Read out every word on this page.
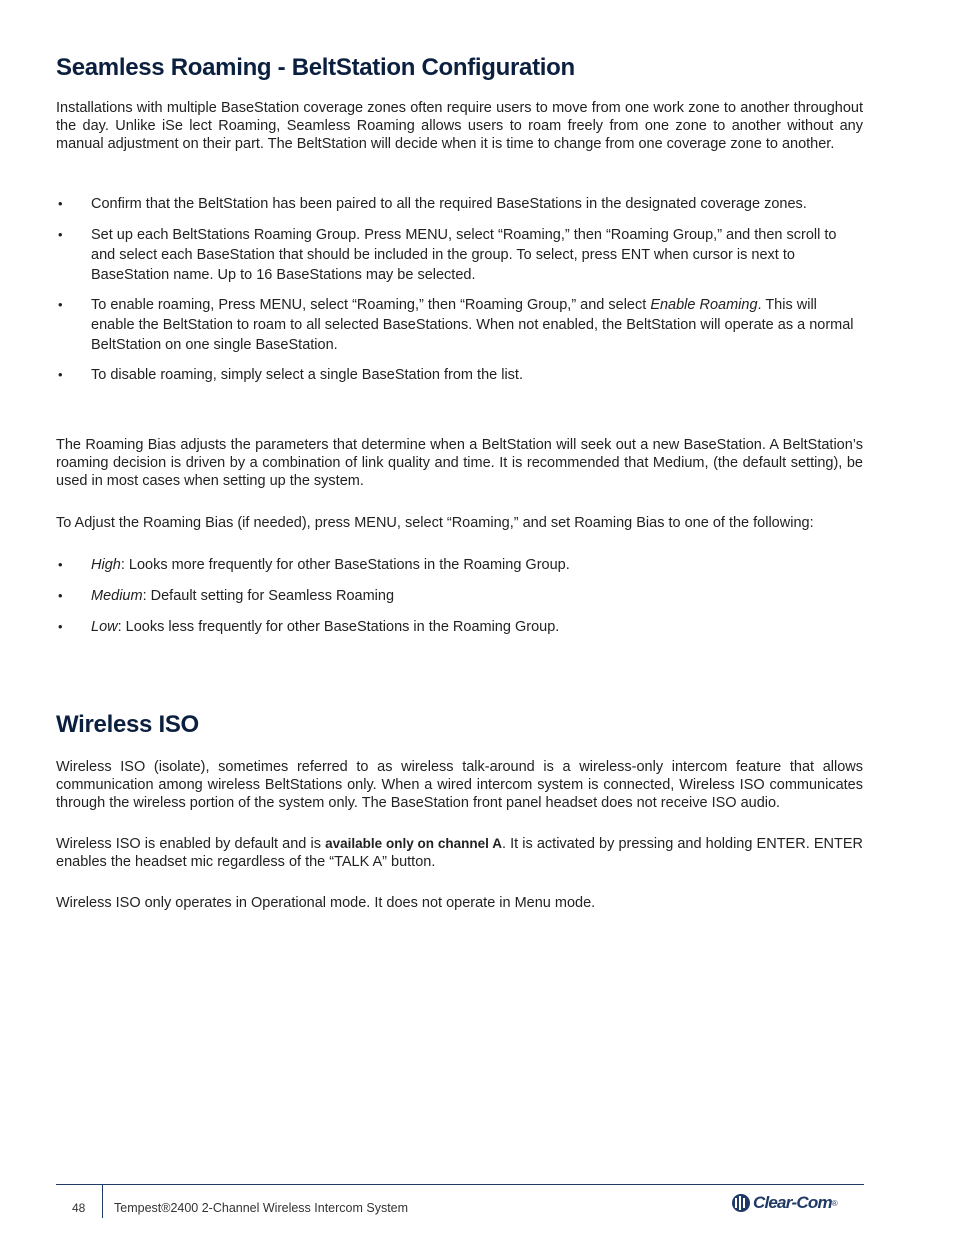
Seamless Roaming - BeltStation Configuration

Installations with multiple BaseStation coverage zones often require users to move from one work zone to another throughout the day. Unlike iSe lect Roaming, Seamless Roaming allows users to roam freely from one zone to another without any manual adjustment on their part. The BeltStation will decide when it is time to change from one coverage zone to another.

• Confirm that the BeltStation has been paired to all the required BaseStations in the designated coverage zones.
• Set up each BeltStations Roaming Group. Press MENU, select “Roaming,” then “Roaming Group,” and then scroll to and select each BaseStation that should be included in the group. To select, press ENT when cursor is next to BaseStation name. Up to 16 BaseStations may be selected.
• To enable roaming, Press MENU, select “Roaming,” then “Roaming Group,” and select Enable Roaming. This will enable the BeltStation to roam to all selected BaseStations. When not enabled, the BeltStation will operate as a normal BeltStation on one single BaseStation.
• To disable roaming, simply select a single BaseStation from the list.

The Roaming Bias adjusts the parameters that determine when a BeltStation will seek out a new BaseStation. A BeltStation’s roaming decision is driven by a combination of link quality and time. It is recommended that Medium, (the default setting), be used in most cases when setting up the system.

To Adjust the Roaming Bias (if needed), press MENU, select “Roaming,” and set Roaming Bias to one of the following:

• High: Looks more frequently for other BaseStations in the Roaming Group.
• Medium: Default setting for Seamless Roaming
• Low: Looks less frequently for other BaseStations in the Roaming Group.
Wireless ISO

Wireless ISO (isolate), sometimes referred to as wireless talk-around is a wireless-only intercom feature that allows communication among wireless BeltStations only. When a wired intercom system is connected, Wireless ISO communicates through the wireless portion of the system only. The BaseStation front panel headset does not receive ISO audio.

Wireless ISO is enabled by default and is available only on channel A. It is activated by pressing and holding ENTER. ENTER enables the headset mic regardless of the “TALK A” button.

Wireless ISO only operates in Operational mode. It does not operate in Menu mode.

48 Tempest®2400 2-Channel Wireless Intercom System	Clear-Com ®
